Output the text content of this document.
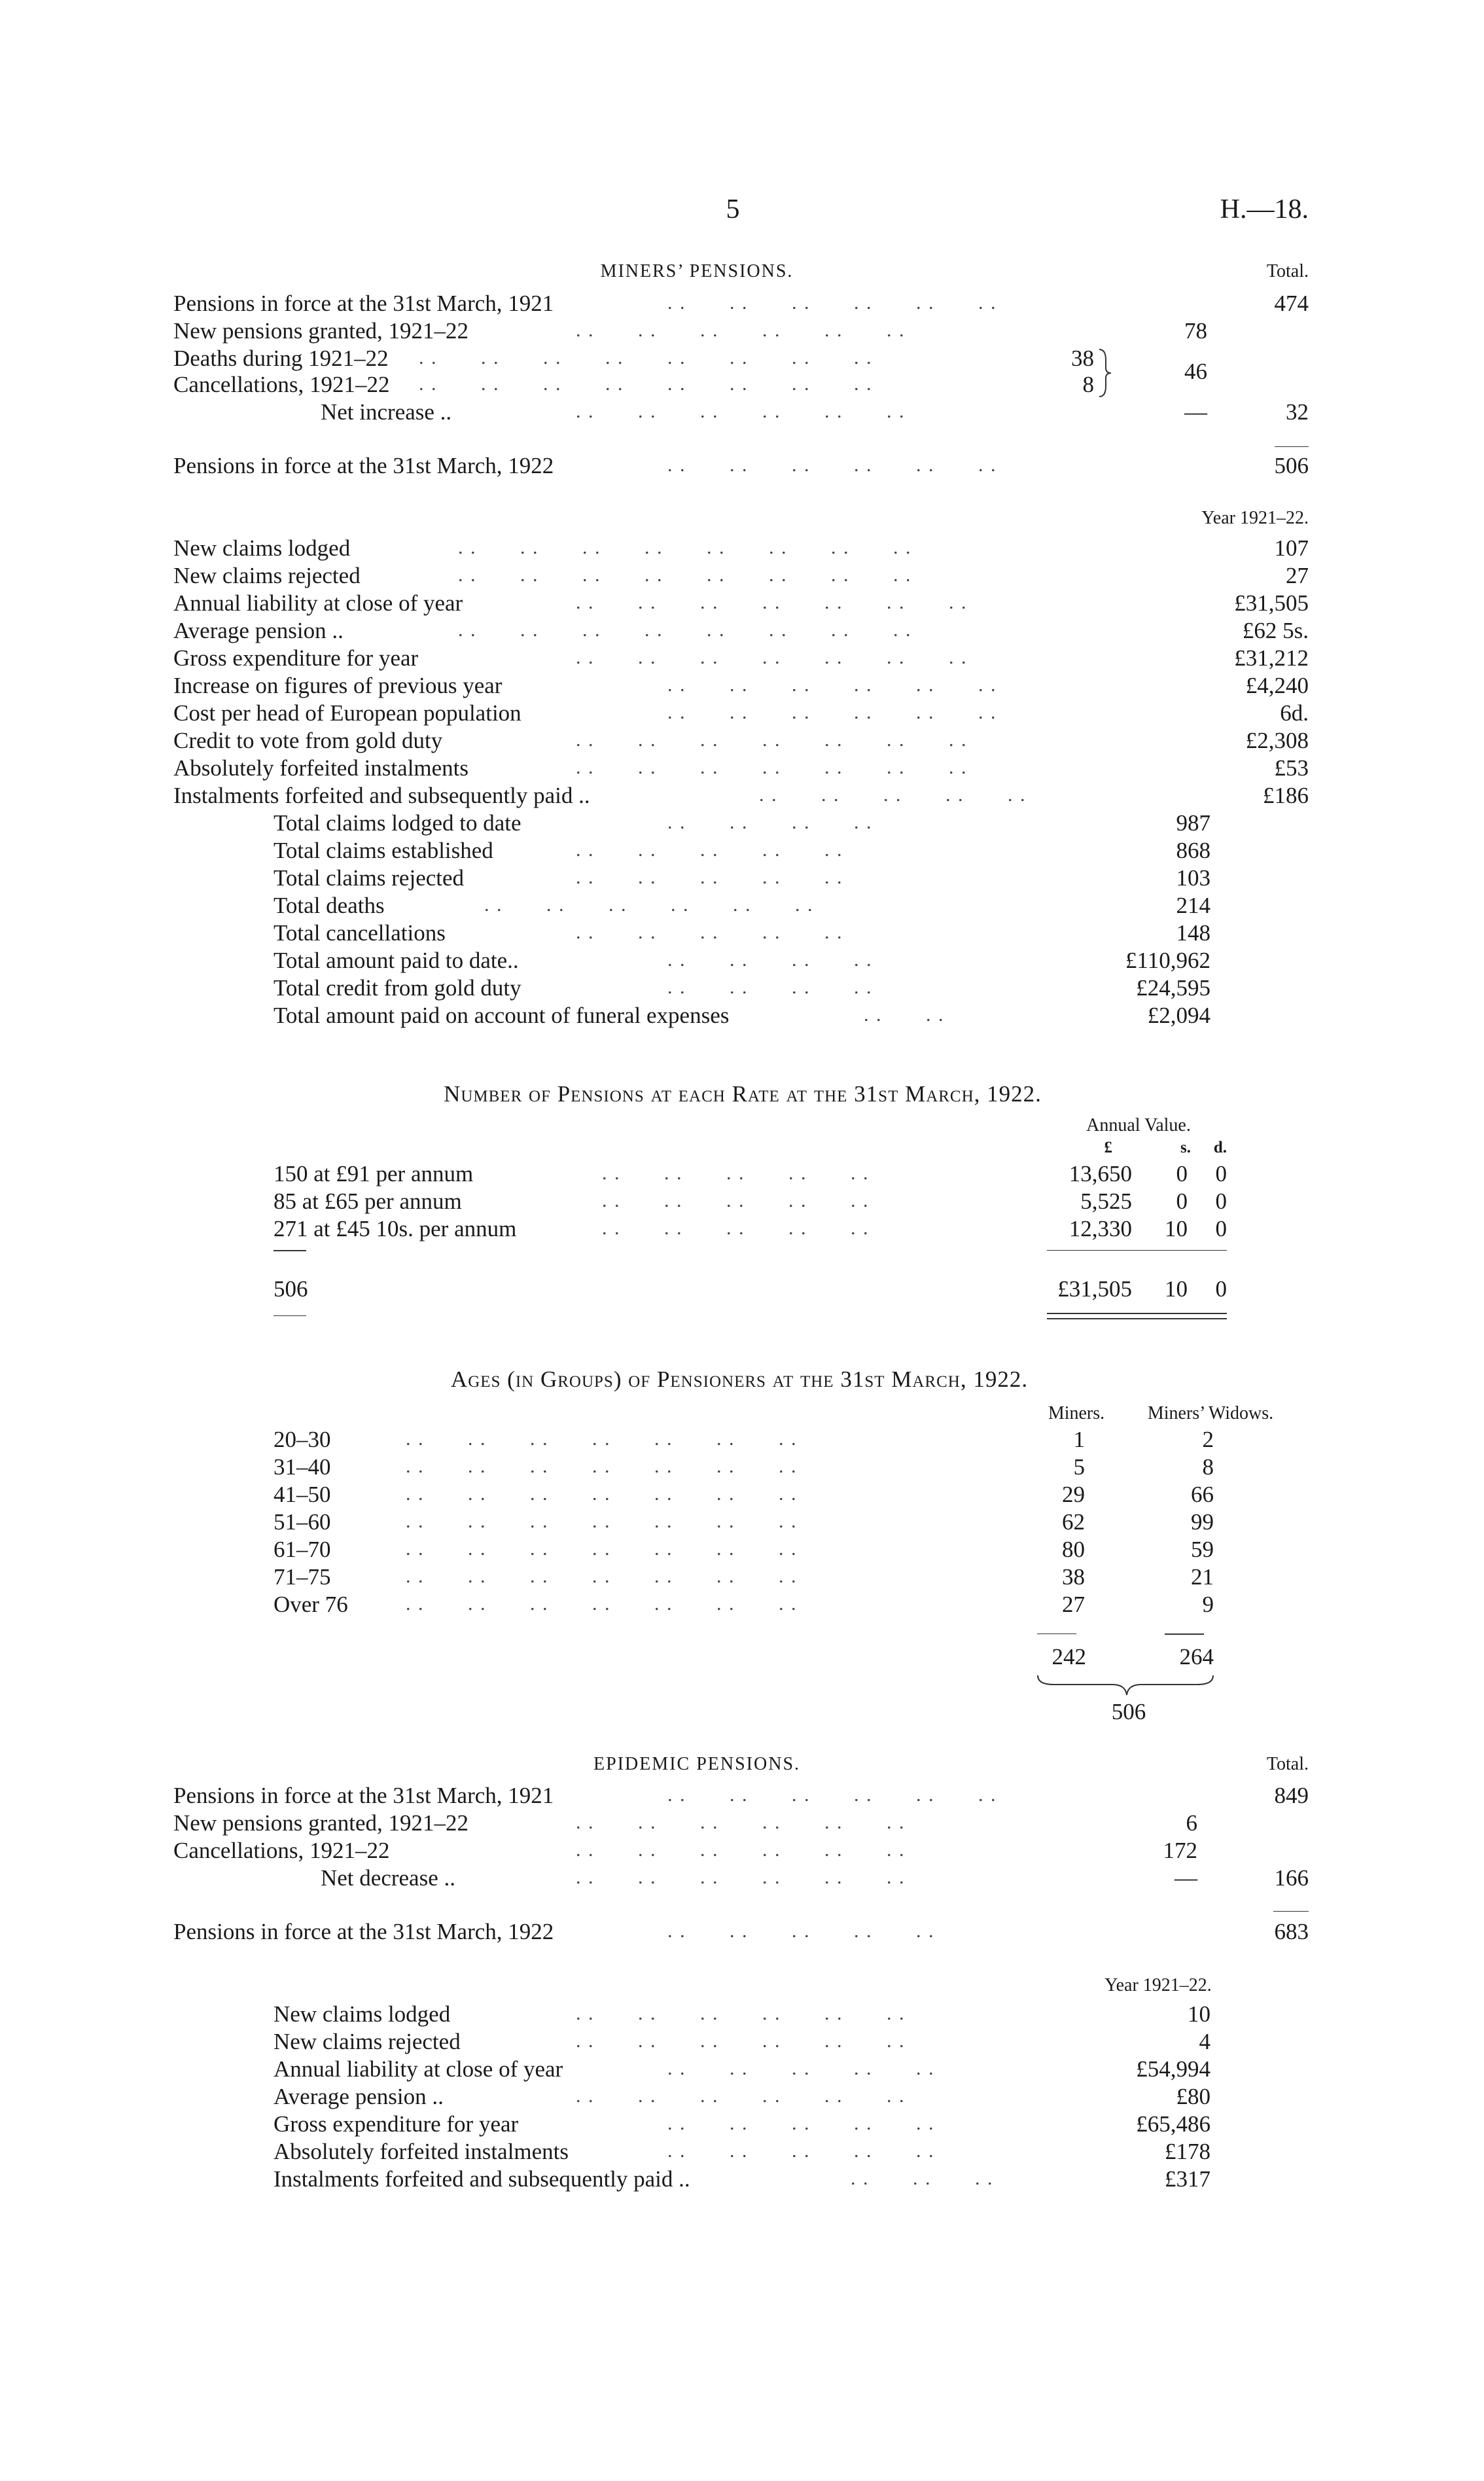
5	H.—18.
MINERS’ PENSIONS.	Total.
Pensions in force at the 31st March, 1921	. .       . .       . .       . .       . .       . .	474
New pensions granted, 1921–22	. .       . .       . .       . .       . .       . .	78
Deaths during 1921–22 . .       . .       . .       . .       . .       . .       . .       . .	38
Cancellations, 1921–22 . .       . .       . .       . .       . .       . .       . .       . .	8
46
Net increase ..	. .       . .       . .       . .       . .       . .	—	32
Pensions in force at the 31st March, 1922	. .       . .       . .       . .       . .       . .	506
Year 1921–22.
New claims lodged	107
New claims rejected	27
Annual liability at close of year	£31,505
Average pension ..	£62 5s.
Gross expenditure for year	£31,212
Increase on figures of previous year	£4,240
Cost per head of European population	6d.
Credit to vote from gold duty	£2,308
Absolutely forfeited instalments	£53
Instalments forfeited and subsequently paid ..	£186
. .       . .       . .       . .       . .       . .       . .       . .
. .       . .       . .       . .       . .       . .       . .       . .
. .       . .       . .       . .       . .       . .       . .
. .       . .       . .       . .       . .       . .       . .       . .
. .       . .       . .       . .       . .       . .       . .
. .       . .       . .       . .       . .       . .
. .       . .       . .       . .       . .       . .
. .       . .       . .       . .       . .       . .       . .
. .       . .       . .       . .       . .       . .       . .
. .       . .       . .       . .       . .
Total claims lodged to date	987
Total claims established	868
Total claims rejected	103
Total deaths	214
Total cancellations	148
Total amount paid to date..	£110,962
Total credit from gold duty	£24,595
Total amount paid on account of funeral expenses	£2,094
. .       . .       . .       . .
. .       . .       . .       . .       . .
. .       . .       . .       . .       . .
. .       . .       . .       . .       . .       . .
. .       . .       . .       . .       . .
. .       . .       . .       . .
. .       . .       . .       . .
. .       . .
Number of Pensions at each Rate at the 31st March, 1922.
Annual Value.
£	s.	d.
150 at £91 per annum	. .       . .       . .       . .       . .	13,650	0	0
85 at £65 per annum	. .       . .       . .       . .       . .	5,525	0	0
271 at £45 10s. per annum	. .       . .       . .       . .       . .	12,330	10	0
506	£31,505	10	0
Ages (in Groups) of Pensioners at the 31st March, 1922.
Miners.	Miners’ Widows.
20–30	1	2
31–40	5	8
41–50	29	66
51–60	62	99
61–70	80	59
71–75	38	21
Over 76	27	9
. .       . .       . .       . .       . .       . .       . .
. .       . .       . .       . .       . .       . .       . .
. .       . .       . .       . .       . .       . .       . .
. .       . .       . .       . .       . .       . .       . .
. .       . .       . .       . .       . .       . .       . .
. .       . .       . .       . .       . .       . .       . .
. .       . .       . .       . .       . .       . .       . .
242	264
506
EPIDEMIC PENSIONS.	Total.
Pensions in force at the 31st March, 1921	. .       . .       . .       . .       . .       . .	849
New pensions granted, 1921–22	. .       . .       . .       . .       . .       . .	6
Cancellations, 1921–22	. .       . .       . .       . .       . .       . .	172
Net decrease ..	. .       . .       . .       . .       . .       . .	—	166
Pensions in force at the 31st March, 1922	. .       . .       . .       . .       . .	683
Year 1921–22.
New claims lodged	10
New claims rejected	4
Annual liability at close of year	£54,994
Average pension ..	£80
Gross expenditure for year	£65,486
Absolutely forfeited instalments	£178
Instalments forfeited and subsequently paid ..	£317
. .       . .       . .       . .       . .       . .
. .       . .       . .       . .       . .       . .
. .       . .       . .       . .       . .
. .       . .       . .       . .       . .       . .
. .       . .       . .       . .       . .
. .       . .       . .       . .       . .
. .       . .       . .
